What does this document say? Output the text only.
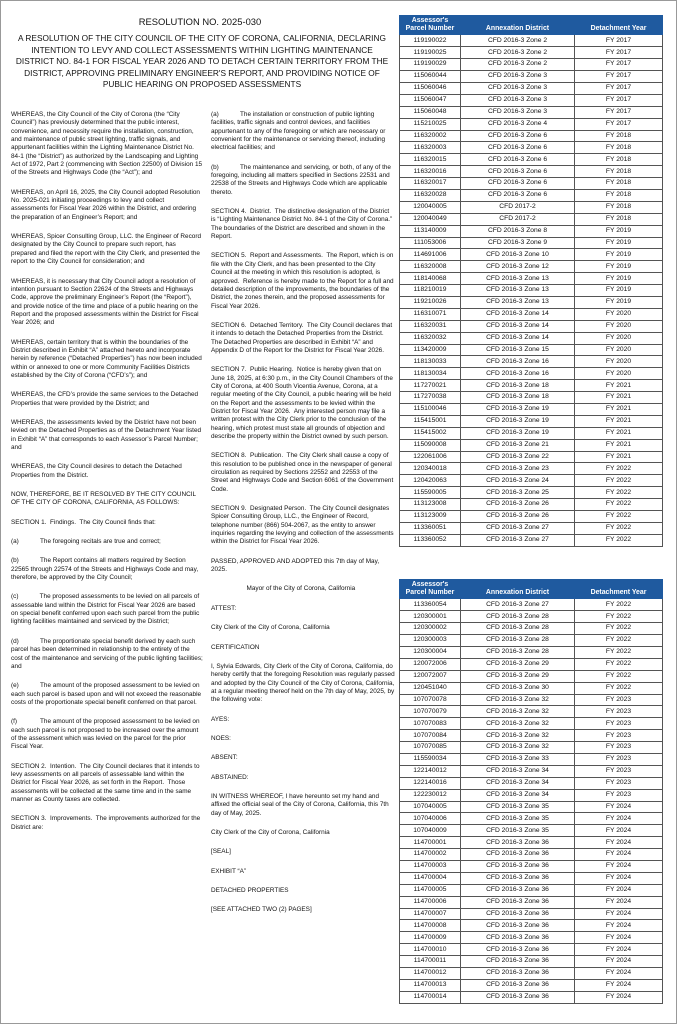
RESOLUTION NO. 2025-030
A RESOLUTION OF THE CITY COUNCIL OF THE CITY OF CORONA, CALIFORNIA, DECLARING INTENTION TO LEVY AND COLLECT ASSESSMENTS WITHIN LIGHTING MAINTENANCE DISTRICT NO. 84-1 FOR FISCAL YEAR 2026 AND TO DETACH CERTAIN TERRITORY FROM THE DISTRICT, APPROVING PRELIMINARY ENGINEER'S REPORT, AND PROVIDING NOTICE OF PUBLIC HEARING ON PROPOSED ASSESSMENTS

WHEREAS, the City Council of the City of Corona (the “City Council”) has previously determined that the public interest, convenience, and necessity require the installation, construction, and maintenance of public street lighting, traffic signals, and appurtenant facilities within the Lighting Maintenance District No. 84-1 (the “District”) as authorized by the Landscaping and Lighting Act of 1972, Part 2 (commencing with Section 22500) of Division 15 of the Streets and Highways Code (the “Act”); and

WHEREAS, on April 16, 2025, the City Council adopted Resolution No. 2025-021 initiating proceedings to levy and collect assessments for Fiscal Year 2026 within the District, and ordering the preparation of an Engineer’s Report; and

WHEREAS, Spicer Consulting Group, LLC. the Engineer of Record designated by the City Council to prepare such report, has prepared and filed the report with the City Clerk, and presented the report to the City Council for consideration; and

WHEREAS, it is necessary that City Council adopt a resolution of intention pursuant to Section 22624 of the Streets and Highways Code, approve the preliminary Engineer’s Report (the “Report”), and provide notice of the time and place of a public hearing on the Report and the proposed assessments within the District for Fiscal Year 2026; and

WHEREAS, certain territory that is within the boundaries of the District described in Exhibit “A” attached hereto and incorporate herein by reference (“Detached Properties”) has now been included within or annexed to one or more Community Facilities Districts established by the City of Corona (“CFD’s”); and

WHEREAS, the CFD’s provide the same services to the Detached Properties that were provided by the District; and

WHEREAS, the assessments levied by the District have not been levied on the Detached Properties as of the Detachment Year listed in Exhibit “A” that corresponds to each Assessor’s Parcel Number; and

WHEREAS, the City Council desires to detach the Detached Properties from the District.

NOW, THEREFORE, BE IT RESOLVED BY THE CITY COUNCIL OF THE CITY OF CORONA, CALIFORNIA, AS FOLLOWS:

SECTION 1.  Findings.  The City Council finds that:

(a)            The foregoing recitals are true and correct;

(b)            The Report contains all matters required by Section 22565 through 22574 of the Streets and Highways Code and may, therefore, be approved by the City Council;

(c)            The proposed assessments to be levied on all parcels of assessable land within the District for Fiscal Year 2026 are based on special benefit conferred upon each such parcel from the public lighting facilities maintained and serviced by the District;

(d)            The proportionate special benefit derived by each such parcel has been determined in relationship to the entirety of the cost of the maintenance and servicing of the public lighting facilities; and

(e)            The amount of the proposed assessment to be levied on each such parcel is based upon and will not exceed the reasonable costs of the proportionate special benefit conferred on that parcel.

(f)             The amount of the proposed assessment to be levied on each such parcel is not proposed to be increased over the amount of the assessment which was levied on the parcel for the prior Fiscal Year.

SECTION 2.  Intention.  The City Council declares that it intends to levy assessments on all parcels of assessable land within the District for Fiscal Year 2026, as set forth in the Report.  Those assessments will be collected at the same time and in the same manner as County taxes are collected.

SECTION 3.  Improvements.  The improvements authorized for the District are:

(a)            The installation or construction of public lighting facilities, traffic signals and control devices, and facilities appurtenant to any of the foregoing or which are necessary or convenient for the maintenance or servicing thereof, including electrical facilities; and

(b)            The maintenance and servicing, or both, of any of the foregoing, including all matters specified in Sections 22531 and 22538 of the Streets and Highways Code which are applicable thereto.

SECTION 4.  District.  The distinctive designation of the District is “Lighting Maintenance District No. 84-1 of the City of Corona.”  The boundaries of the District are described and shown in the Report.

SECTION 5.  Report and Assessments.  The Report, which is on file with the City Clerk, and has been presented to the City Council at the meeting in which this resolution is adopted, is approved.  Reference is hereby made to the Report for a full and detailed description of the improvements, the boundaries of the District, the zones therein, and the proposed assessments for Fiscal Year 2026.

SECTION 6.  Detached Territory.  The City Council declares that it intends to detach the Detached Properties from the District.  The Detached Properties are described in Exhibit “A” and Appendix D of the Report for the District for Fiscal Year 2026.

SECTION 7.  Public Hearing.  Notice is hereby given that on June 18, 2025, at 6:30 p.m., in the City Council Chambers of the City of Corona, at 400 South Vicentia Avenue, Corona, at a regular meeting of the City Council, a public hearing will be held on the Report and the assessments to be levied within the District for Fiscal Year 2026.  Any interested person may file a written protest with the City Clerk prior to the conclusion of the hearing, which protest must state all grounds of objection and describe the property within the District owned by such person.

SECTION 8.  Publication.  The City Clerk shall cause a copy of this resolution to be published once in the newspaper of general circulation as required by Sections 22552 and 22553 of the Street and Highways Code and Section 6061 of the Government Code.

SECTION 9.  Designated Person.  The City Council designates Spicer Consulting Group, LLC., the Engineer of Record, telephone number (866) 504-2067, as the entity to answer inquiries regarding the levying and collection of the assessments within the District for Fiscal Year 2026.

PASSED, APPROVED AND ADOPTED this 7th day of May, 2025.

Mayor of the City of Corona, California

ATTEST:

City Clerk of the City of Corona, California

CERTIFICATION

I, Sylvia Edwards, City Clerk of the City of Corona, California, do hereby certify that the foregoing Resolution was regularly passed and adopted by the City Council of the City of Corona, California, at a regular meeting thereof held on the 7th day of May, 2025, by the following vote:

AYES:

NOES:

ABSENT:

ABSTAINED:

IN WITNESS WHEREOF, I have hereunto set my hand and affixed the official seal of the City of Corona, California, this 7th day of May, 2025.

City Clerk of the City of Corona, California

[SEAL]

EXHIBIT “A”

DETACHED PROPERTIES

[SEE ATTACHED TWO (2) PAGES]

Assessor's Parcel Number	Annexation District	Detachment Year
119190022	CFD 2016-3 Zone 2	FY 2017
119190025	CFD 2016-3 Zone 2	FY 2017
119190029	CFD 2016-3 Zone 2	FY 2017
115060044	CFD 2016-3 Zone 3	FY 2017
115060046	CFD 2016-3 Zone 3	FY 2017
115060047	CFD 2016-3 Zone 3	FY 2017
115060048	CFD 2016-3 Zone 3	FY 2017
115210025	CFD 2016-3 Zone 4	FY 2017
116320002	CFD 2016-3 Zone 6	FY 2018
116320003	CFD 2016-3 Zone 6	FY 2018
116320015	CFD 2016-3 Zone 6	FY 2018
116320016	CFD 2016-3 Zone 6	FY 2018
116320017	CFD 2016-3 Zone 6	FY 2018
116320028	CFD 2016-3 Zone 6	FY 2018
120040005	CFD 2017-2	FY 2018
120040049	CFD 2017-2	FY 2018
113140009	CFD 2016-3 Zone 8	FY 2019
111053006	CFD 2016-3 Zone 9	FY 2019
114691006	CFD 2016-3 Zone 10	FY 2019
116320008	CFD 2016-3 Zone 12	FY 2019
118140068	CFD 2016-3 Zone 13	FY 2019
118210019	CFD 2016-3 Zone 13	FY 2019
119210026	CFD 2016-3 Zone 13	FY 2019
116310071	CFD 2016-3 Zone 14	FY 2020
116320031	CFD 2016-3 Zone 14	FY 2020
116320032	CFD 2016-3 Zone 14	FY 2020
113420009	CFD 2016-3 Zone 15	FY 2020
118130033	CFD 2016-3 Zone 16	FY 2020
118130034	CFD 2016-3 Zone 16	FY 2020
117270021	CFD 2016-3 Zone 18	FY 2021
117270038	CFD 2016-3 Zone 18	FY 2021
115100046	CFD 2016-3 Zone 19	FY 2021
115415001	CFD 2016-3 Zone 19	FY 2021
115415002	CFD 2016-3 Zone 19	FY 2021
115090008	CFD 2016-3 Zone 21	FY 2021
122061006	CFD 2016-3 Zone 22	FY 2021
120340018	CFD 2016-3 Zone 23	FY 2022
120420063	CFD 2016-3 Zone 24	FY 2022
115590005	CFD 2016-3 Zone 25	FY 2022
113123008	CFD 2016-3 Zone 26	FY 2022
113123009	CFD 2016-3 Zone 26	FY 2022
113360051	CFD 2016-3 Zone 27	FY 2022
113360052	CFD 2016-3 Zone 27	FY 2022
Assessor's Parcel Number	Annexation District	Detachment Year
113360054	CFD 2016-3 Zone 27	FY 2022
120300001	CFD 2016-3 Zone 28	FY 2022
120300002	CFD 2016-3 Zone 28	FY 2022
120300003	CFD 2016-3 Zone 28	FY 2022
120300004	CFD 2016-3 Zone 28	FY 2022
120072006	CFD 2016-3 Zone 29	FY 2022
120072007	CFD 2016-3 Zone 29	FY 2022
120451040	CFD 2016-3 Zone 30	FY 2022
107070078	CFD 2016-3 Zone 32	FY 2023
107070079	CFD 2016-3 Zone 32	FY 2023
107070083	CFD 2016-3 Zone 32	FY 2023
107070084	CFD 2016-3 Zone 32	FY 2023
107070085	CFD 2016-3 Zone 32	FY 2023
115590034	CFD 2016-3 Zone 33	FY 2023
122140012	CFD 2016-3 Zone 34	FY 2023
122140016	CFD 2016-3 Zone 34	FY 2023
122230012	CFD 2016-3 Zone 34	FY 2023
107040005	CFD 2016-3 Zone 35	FY 2024
107040006	CFD 2016-3 Zone 35	FY 2024
107040009	CFD 2016-3 Zone 35	FY 2024
114700001	CFD 2016-3 Zone 36	FY 2024
114700002	CFD 2016-3 Zone 36	FY 2024
114700003	CFD 2016-3 Zone 36	FY 2024
114700004	CFD 2016-3 Zone 36	FY 2024
114700005	CFD 2016-3 Zone 36	FY 2024
114700006	CFD 2016-3 Zone 36	FY 2024
114700007	CFD 2016-3 Zone 36	FY 2024
114700008	CFD 2016-3 Zone 36	FY 2024
114700009	CFD 2016-3 Zone 36	FY 2024
114700010	CFD 2016-3 Zone 36	FY 2024
114700011	CFD 2016-3 Zone 36	FY 2024
114700012	CFD 2016-3 Zone 36	FY 2024
114700013	CFD 2016-3 Zone 36	FY 2024
114700014	CFD 2016-3 Zone 36	FY 2024
